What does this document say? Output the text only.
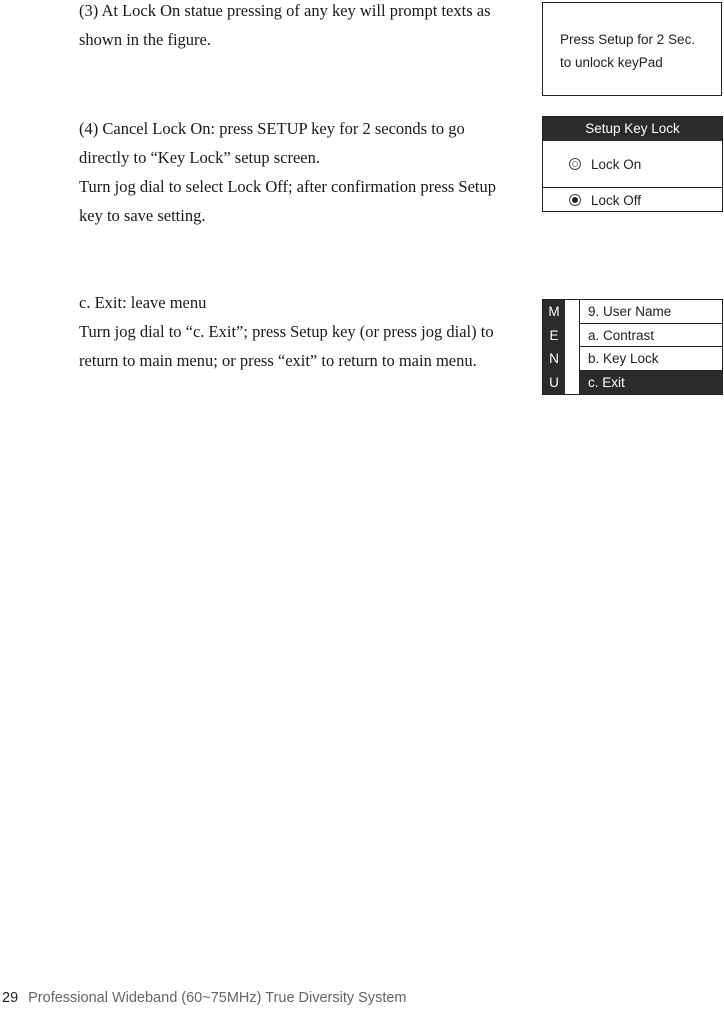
(3) At Lock On statue pressing of any key will prompt texts as

shown in the figure.	Press Setup for 2 Sec.
to unlock keyPad

(4) Cancel Lock On: press SETUP key for 2 seconds to go

directly to “Key Lock” setup screen.

Turn jog dial to select Lock Off; after confirmation press Setup

key to save setting.

Setup Key Lock
Lock On
Lock Off

c. Exit: leave menu

Turn jog dial to “c. Exit”; press Setup key (or press jog dial) to

return to main menu; or press “exit” to return to main menu.

M
E
N
U
9. User Name
a. Contrast
b. Key Lock
c. Exit
29 Professional Wideband (60~75MHz) True Diversity System
